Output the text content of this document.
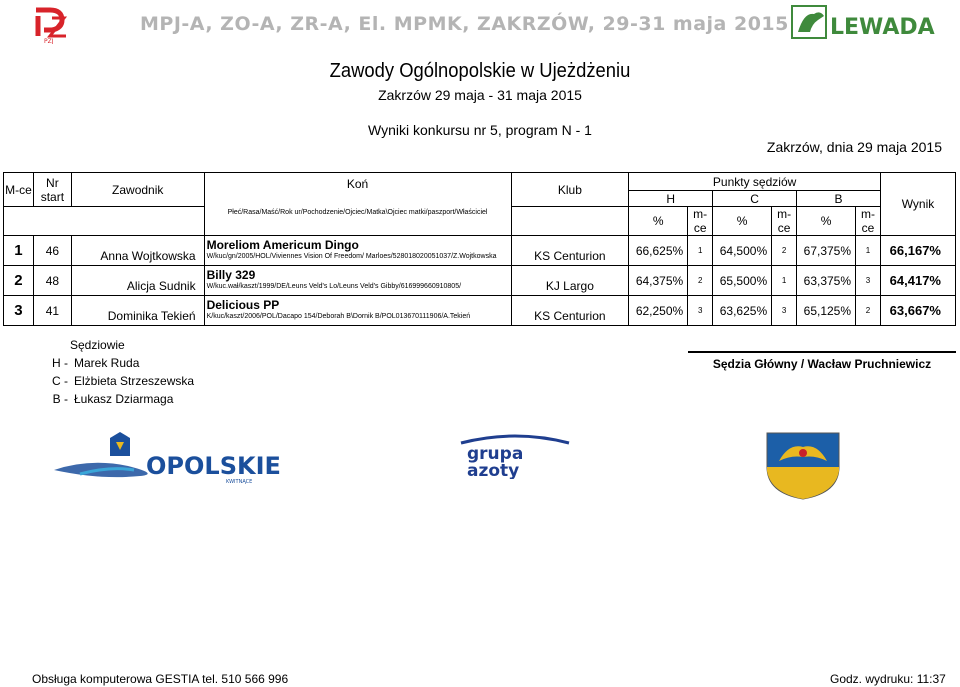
PZJ
MPJ-A, ZO-A, ZR-A, El. MPMK, ZAKRZÓW, 29-31 maja 2015 LEWADA
Zawody Ogólnopolskie w Ujeżdżeniu
Zakrzów 29 maja - 31 maja 2015
Wyniki konkursu nr 5, program N - 1
Zakrzów, dnia 29 maja 2015
M-ce	Nr
start	Zawodnik	Koń	Klub	Punkty sędziów						Wynik
			Płeć/Rasa/Maść/Rok ur/Pochodzenie/Ojciec/Matka\Ojciec matki/paszport/Właściciel		H		C		B		
					%	m-ce	%	m-ce	%	m-ce	
1	46	Anna Wojtkowska	Moreliom Americum Dingo
W/kuc/gn/2005/HOL/Viviennes Vision Of Freedom/ Marloes/528018020051037/Z.Wojtkowska	KS Centurion	66,625%	1	64,500%	2	67,375%	1	66,167%
2	48	Alicja Sudnik	Billy 329
W/kuc.wał/kaszt/1999/DE/Leuns Veld's Lo/Leuns Veld's Gibby/616999660910805/	KJ Largo	64,375%	2	65,500%	1	63,375%	3	64,417%
3	41	Dominika Tekień	Delicious PP
K/kuc/kaszt/2006/POL/Dacapo 154/Deborah B\Dornik B/POL013670111906/A.Tekień	KS Centurion	62,250%	3	63,625%	3	65,125%	2	63,667%
Sędziowie
H - Marek Ruda
C - Elżbieta Strzeszewska
B - Łukasz Dziarmaga
Sędzia Główny / Wacław Pruchniewicz
OPOLSKIE
KWITNĄCE
grupa
azoty
Obsługa komputerowa GESTIA tel. 510 566 996	Godz. wydruku: 11:37
